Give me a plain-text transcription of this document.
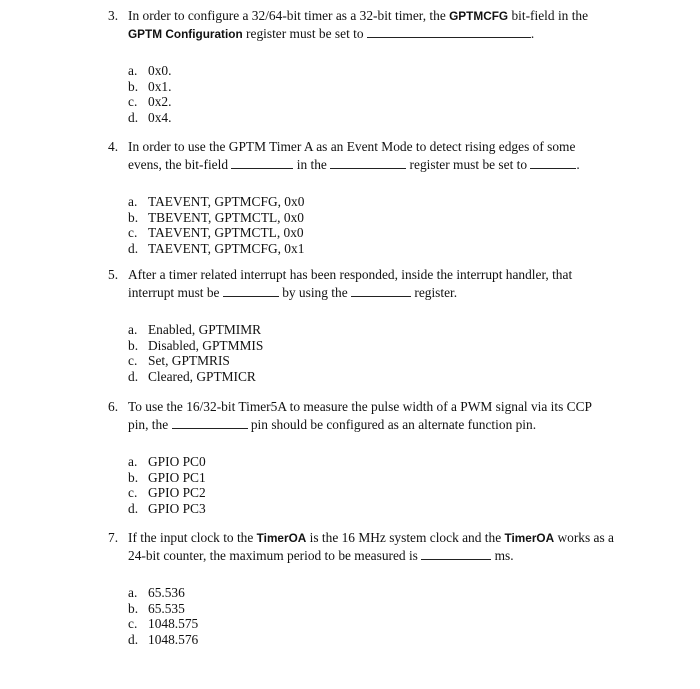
3. In order to configure a 32/64-bit timer as a 32-bit timer, the GPTMCFG bit-field in the
GPTM Configuration register must be set to	.
a. 0x0.
b. 0x1.
c. 0x2.
d. 0x4.
4. In order to use the GPTM Timer A as an Event Mode to detect rising edges of some
evens, the bit-field	in the	register must be set to	.
a. TAEVENT, GPTMCFG, 0x0
b. TBEVENT, GPTMCTL, 0x0
c. TAEVENT, GPTMCTL, 0x0
d. TAEVENT, GPTMCFG, 0x1
5. After a timer related interrupt has been responded, inside the interrupt handler, that
interrupt must be	by using the	register.
a. Enabled, GPTMIMR
b. Disabled, GPTMMIS
c. Set, GPTMRIS
d. Cleared, GPTMICR
6. To use the 16/32-bit Timer5A to measure the pulse width of a PWM signal via its CCP
pin, the	pin should be configured as an alternate function pin.
a. GPIO PC0
b. GPIO PC1
c. GPIO PC2
d. GPIO PC3
7. If the input clock to the TimerOA is the 16 MHz system clock and the TimerOA works as a
24-bit counter, the maximum period to be measured is	ms.
a. 65.536
b. 65.535
c. 1048.575
d. 1048.576
